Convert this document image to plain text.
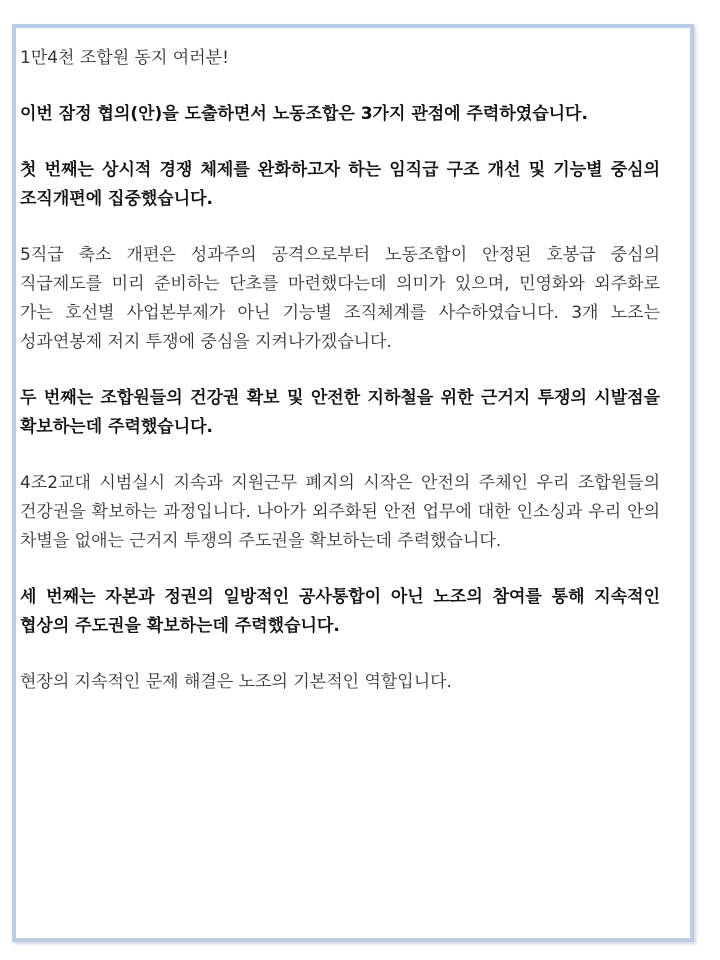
1만4천 조합원 동지 여러분!

이번 잠정 협의(안)을 도출하면서 노동조합은 3가지 관점에 주력하였습니다.

첫 번째는 상시적 경쟁 체제를 완화하고자 하는 임직급 구조 개선 및 기능별 중심의 조직개편에 집중했습니다.

5직급 축소 개편은 성과주의 공격으로부터 노동조합이 안정된 호봉급 중심의 직급제도를 미리 준비하는 단초를 마련했다는데 의미가 있으며, 민영화와 외주화로 가는 호선별 사업본부제가 아닌 기능별 조직체계를 사수하였습니다. 3개 노조는 성과연봉제 저지 투쟁에 중심을 지켜나가겠습니다.

두 번째는 조합원들의 건강권 확보 및 안전한 지하철을 위한 근거지 투쟁의 시발점을 확보하는데 주력했습니다.

4조2교대 시범실시 지속과 지원근무 폐지의 시작은 안전의 주체인 우리 조합원들의 건강권을 확보하는 과정입니다. 나아가 외주화된 안전 업무에 대한 인소싱과 우리 안의 차별을 없애는 근거지 투쟁의 주도권을 확보하는데 주력했습니다.

세 번째는 자본과 정권의 일방적인 공사통합이 아닌 노조의 참여를 통해 지속적인 협상의 주도권을 확보하는데 주력했습니다.

현장의 지속적인 문제 해결은 노조의 기본적인 역할입니다.
